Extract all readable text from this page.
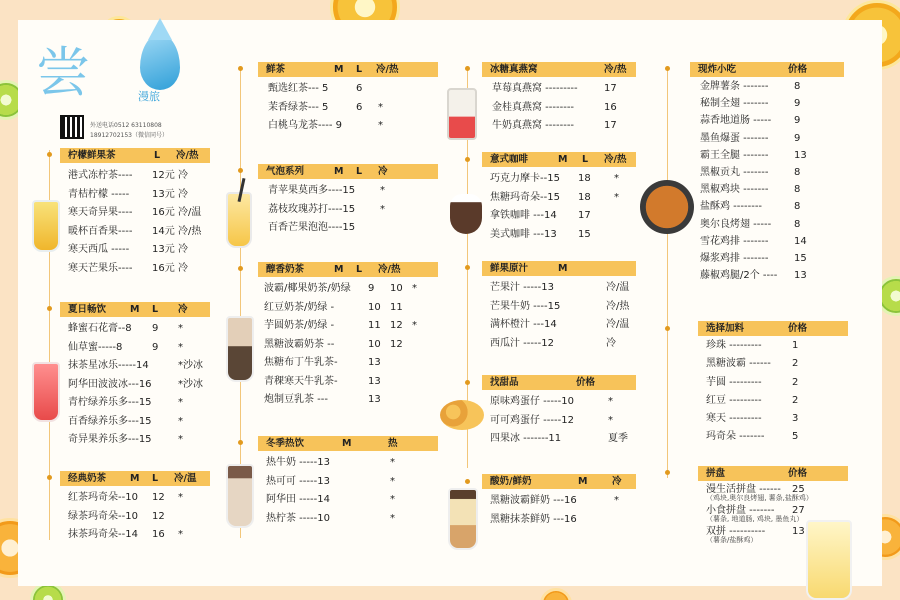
尝	漫旅
外送电话0512 63110808
18912702153（微信同号）
柠檬鲜果茶	L 冷/热
港式冻柠茶---- 12元 冷
青桔柠檬 ----- 13元 冷
寒天奇异果---- 16元 冷/温
暖杯百香果---- 14元 冷/热
寒天西瓜 ----- 13元 冷
寒天芒果乐---- 16元 冷
夏日畅饮	M L 冷
蜂蜜石花膏--8 9 *
仙草蜜-----8	9 *
抹茶星冰乐-----14	*沙冰
阿华田波波冰---16	*沙冰
青柠绿养乐多---15	*
百香绿养乐多---15	*
奇异果养乐多---15	*
经典奶茶	M L 冷/温
红茶玛奇朵--10 12 *
绿茶玛奇朵--10 12
抹茶玛奇朵--14 16 *
鲜茶	M L 冷/热
甄选红茶--- 5	6
茉香绿茶--- 5	6 *
白桃乌龙茶---- 9	*
气泡系列	M L 冷
青苹果莫西多----15 *
荔枝玫瑰苏打----15 *
百香芒果泡泡----15
醇香奶茶	M L 冷/热
波霸/椰果奶茶/奶绿 9 10 *
红豆奶茶/奶绿 -	10 11
芋圆奶茶/奶绿 -	11 12 *
黑糖波霸奶茶 --	10 12
焦糖布丁牛乳茶-	13
青稞寒天牛乳茶-	13
炮制豆乳茶 ---	13
冬季热饮	M	热
热牛奶 -----13	*
热可可 -----13	*
阿华田 -----14	*
热柠茶 -----10	*
冰糖真燕窝	冷/热
草莓真燕窝 ---------	17
金桂真燕窝 --------	16
牛奶真燕窝 --------	17
意式咖啡	M L 冷/热
巧克力摩卡--15 18 *
焦糖玛奇朵--15 18 *
拿铁咖啡 ---14 17
美式咖啡 ---13 15
鲜果原汁	M
芒果汁 -----13	冷/温
芒果牛奶 ----15	冷/热
满杯橙汁 ---14	冷/温
西瓜汁 -----12	冷
找甜品	价格
原味鸡蛋仔 -----10	*
可可鸡蛋仔 -----12	*
四果冰 -------11	夏季
酸奶/鲜奶	M	冷
黑糖波霸鲜奶 ---16	*
黑糖抹茶鲜奶 ---16
现炸小吃	价格
金牌薯条 -------	8
秘制全翅 -------	9
蒜香地道肠 ----- 9
墨鱼爆蛋 -------	9
霸王全腿 -------	13
黑椒贡丸 -------	8
黑椒鸡块 -------	8
盐酥鸡 --------	8
奥尔良烤翅 ----- 8
雪花鸡排 -------	14
爆浆鸡排 -------	15
藤椒鸡腿/2个 ---- 13
选择加料	价格
珍珠 ---------	1
黑糖波霸 ------ 2
芋圆 ---------	2
红豆 ---------	2
寒天 ---------	3
玛奇朵 -------	5
拼盘	价格
漫生活拼盘 ------ 25
（鸡块,奥尔良烤翅, 薯条,盐酥鸡）
小食拼盘 ------- 27
（薯条, 地道肠, 鸡块, 墨鱼丸）
双拼 ----------	13
（薯条/盐酥鸡）
